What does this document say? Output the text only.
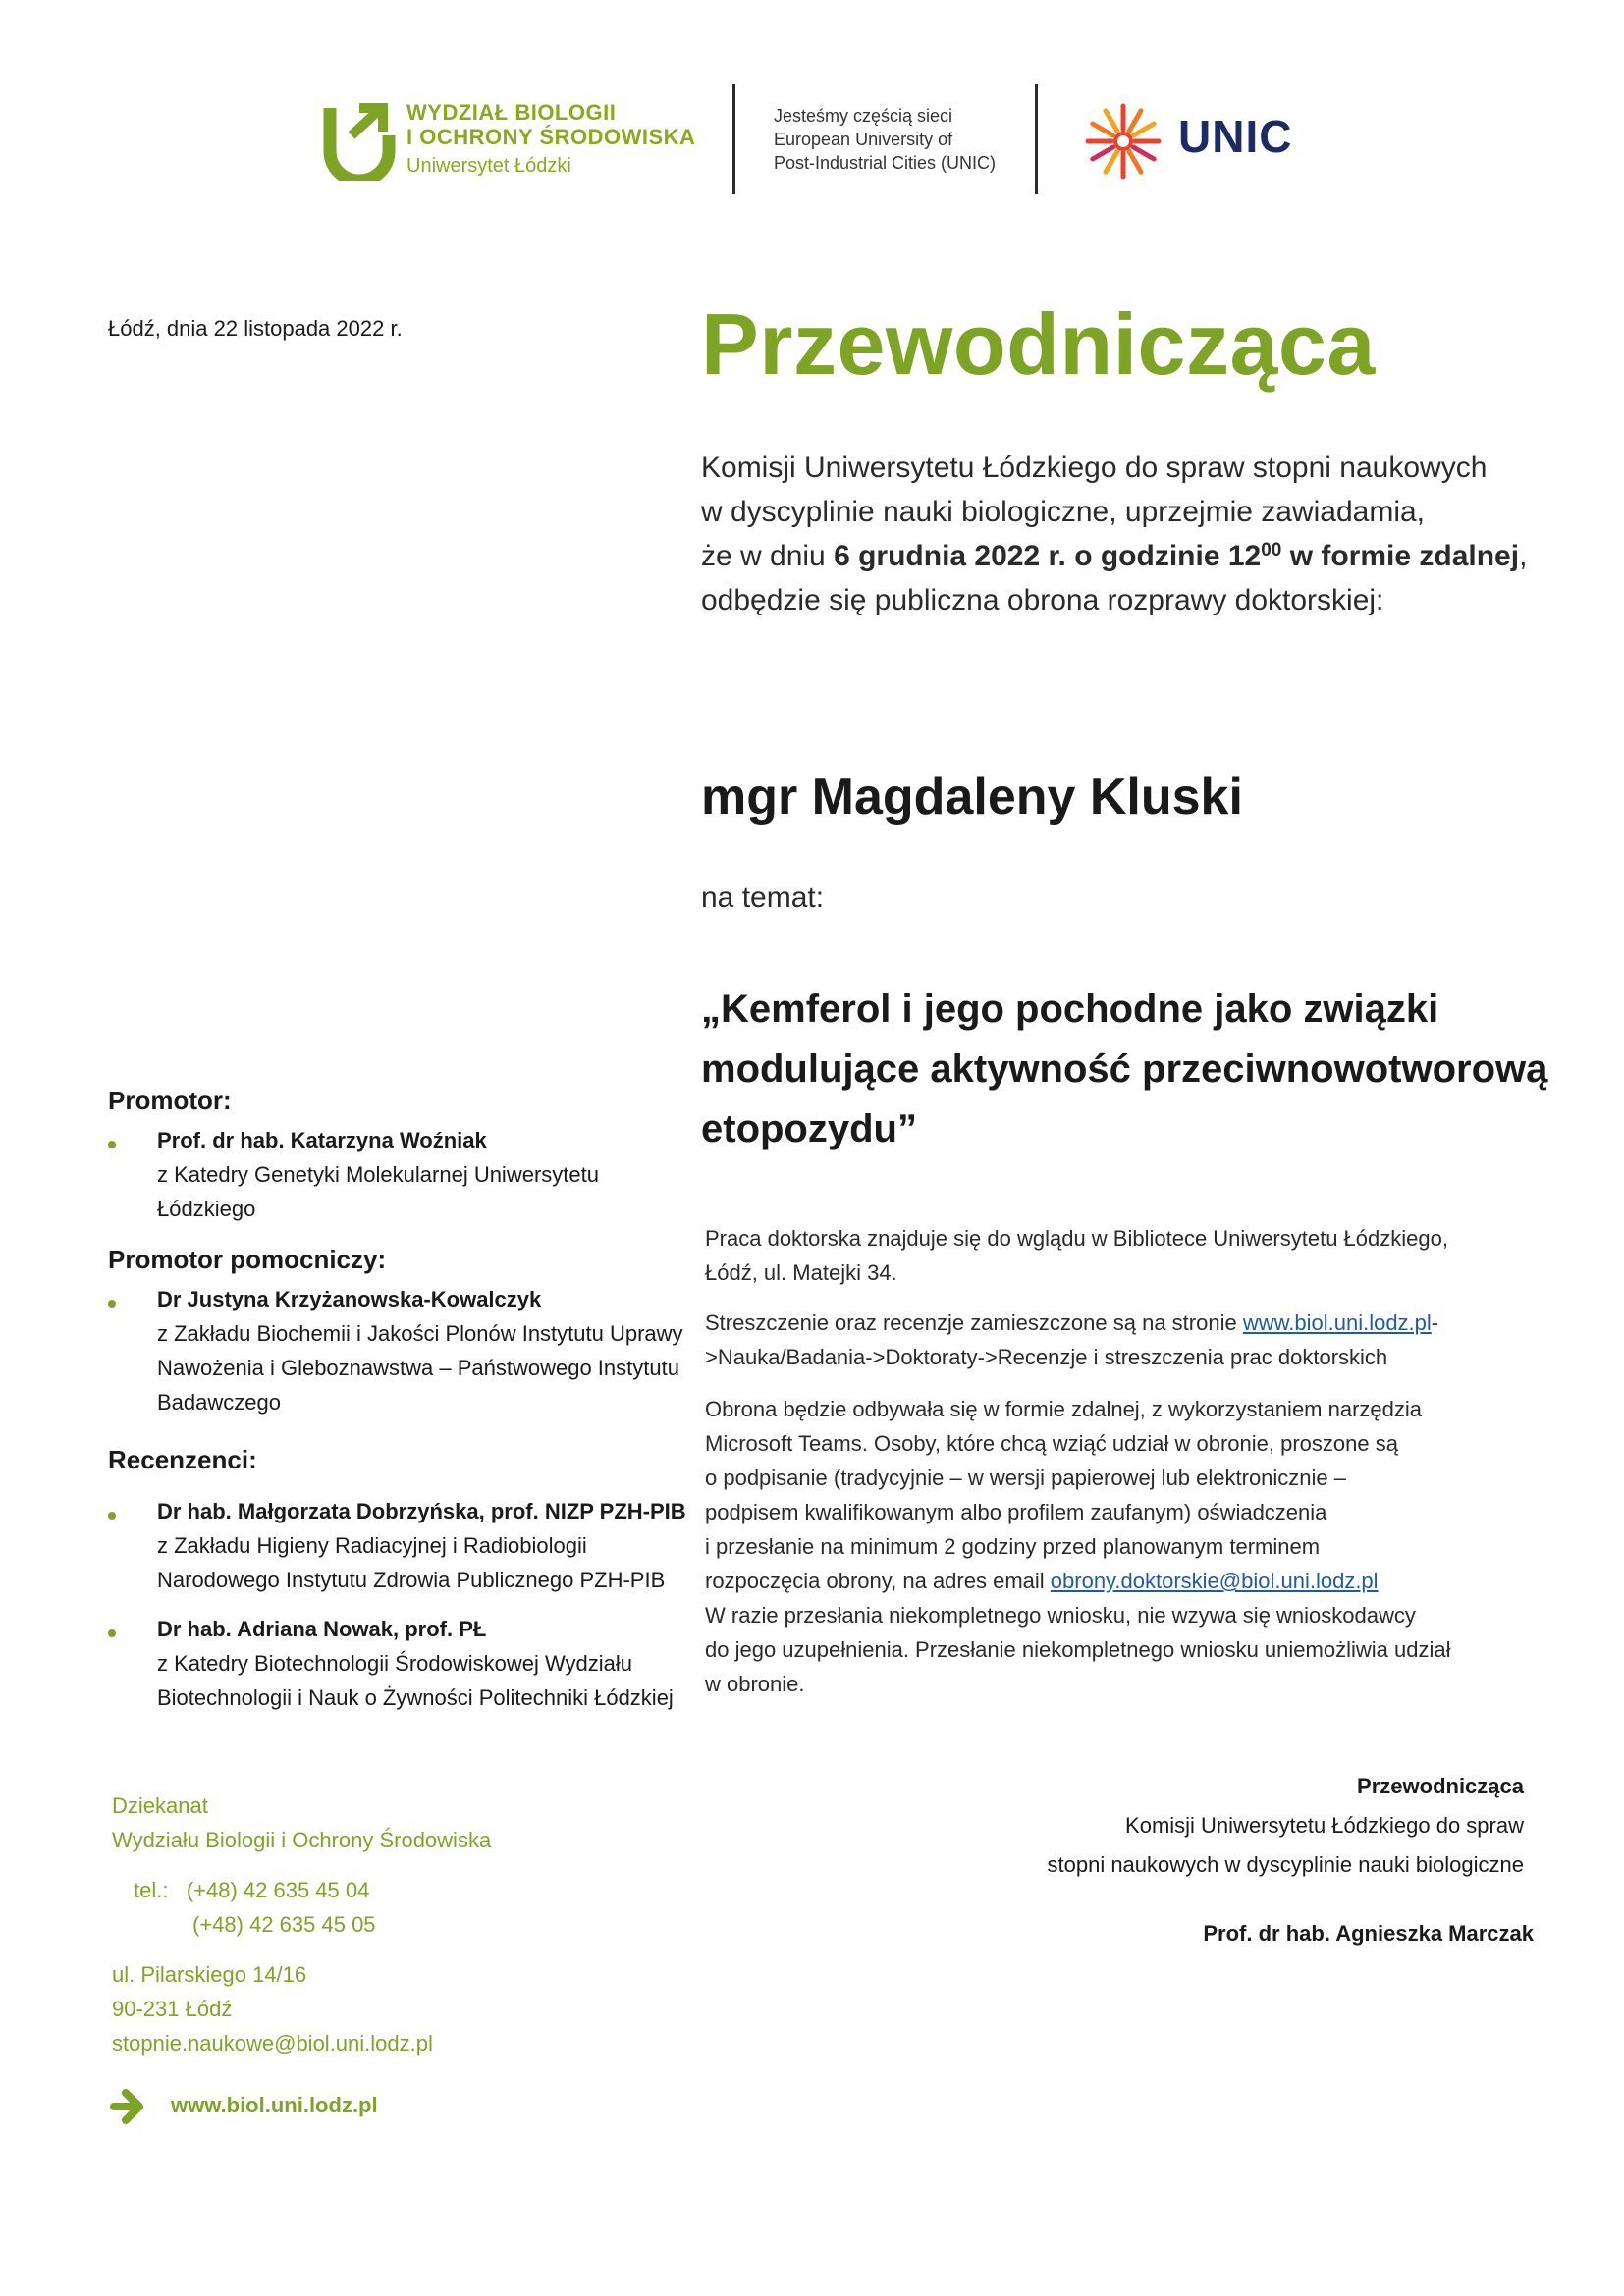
WYDZIAŁ BIOLOGII
I OCHRONY ŚRODOWISKA
Uniwersytet Łódzki
Jesteśmy częścią sieci
European University of
Post-Industrial Cities (UNIC)
UNIC
Łódź, dnia 22 listopada 2022 r.	Przewodnicząca
Komisji Uniwersytetu Łódzkiego do spraw stopni naukowych
w dyscyplinie nauki biologiczne, uprzejmie zawiadamia,
że w dniu 6 grudnia 2022 r. o godzinie $12^{00}$ w formie zdalnej,
odbędzie się publiczna obrona rozprawy doktorskiej:
mgr Magdaleny Kluski
na temat:
„Kemferol i jego pochodne jako związki
modulujące aktywność przeciwnowotworową
etopozydu”
Praca doktorska znajduje się do wglądu w Bibliotece Uniwersytetu Łódzkiego,
Łódź, ul. Matejki 34.
Streszczenie oraz recenzje zamieszczone są na stronie www.biol.uni.lodz.pl-
>Nauka/Badania->Doktoraty->Recenzje i streszczenia prac doktorskich
Obrona będzie odbywała się w formie zdalnej, z wykorzystaniem narzędzia
Microsoft Teams. Osoby, które chcą wziąć udział w obronie, proszone są
o podpisanie (tradycyjnie – w wersji papierowej lub elektronicznie –
podpisem kwalifikowanym albo profilem zaufanym) oświadczenia
i przesłanie na minimum 2 godziny przed planowanym terminem
rozpoczęcia obrony, na adres email obrony.doktorskie@biol.uni.lodz.pl
W razie przesłania niekompletnego wniosku, nie wzywa się wnioskodawcy
do jego uzupełnienia. Przesłanie niekompletnego wniosku uniemożliwia udział
w obronie.
Promotor:
Prof. dr hab. Katarzyna Woźniak
z Katedry Genetyki Molekularnej Uniwersytetu
Łódzkiego
Promotor pomocniczy:
Dr Justyna Krzyżanowska-Kowalczyk
z Zakładu Biochemii i Jakości Plonów Instytutu Uprawy
Nawożenia i Gleboznawstwa – Państwowego Instytutu
Badawczego
Recenzenci:
Dr hab. Małgorzata Dobrzyńska, prof. NIZP PZH-PIB
z Zakładu Higieny Radiacyjnej i Radiobiologii
Narodowego Instytutu Zdrowia Publicznego PZH-PIB
Dr hab. Adriana Nowak, prof. PŁ
z Katedry Biotechnologii Środowiskowej Wydziału
Biotechnologii i Nauk o Żywności Politechniki Łódzkiej
Dziekanat
Wydziału Biologii i Ochrony Środowiska
tel.: (+48) 42 635 45 04
(+48) 42 635 45 05
ul. Pilarskiego 14/16
90-231 Łódź
stopnie.naukowe@biol.uni.lodz.pl
www.biol.uni.lodz.pl
Przewodnicząca
Komisji Uniwersytetu Łódzkiego do spraw
stopni naukowych w dyscyplinie nauki biologiczne
Prof. dr hab. Agnieszka Marczak
